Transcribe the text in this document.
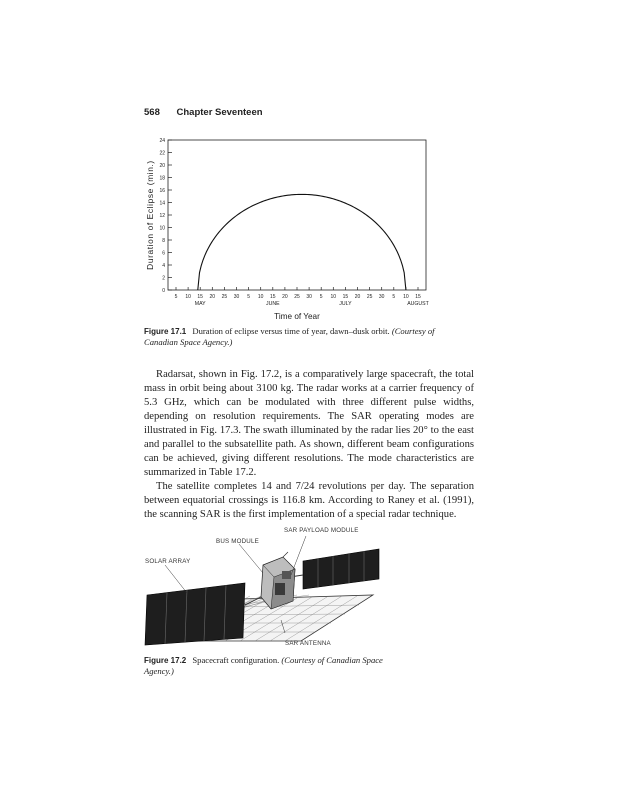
568 Chapter Seventeen
0
2
4
6
8
10
12
14
16
18
20
22
24
5 10 15 20 25 30 5 10 15 20 25 30 5 10 15 20 25 30 5 10 15
MAY	JUNE	JULY	AUGUST
Duration of Eclipse (min.)
Time of Year
Figure 17.1 Duration of eclipse versus time of year, dawn–dusk orbit. (Courtesy of Canadian Space Agency.)

Radarsat, shown in Fig. 17.2, is a comparatively large spacecraft, the total mass in orbit being about 3100 kg. The radar works at a carrier frequency of 5.3 GHz, which can be modulated with three different pulse widths, depending on resolution requirements. The SAR operating modes are illustrated in Fig. 17.3. The swath illuminated by the radar lies 20° to the east and parallel to the subsatellite path. As shown, different beam configurations can be achieved, giving different resolutions. The mode characteristics are summarized in Table 17.2.

The satellite completes 14 and 7/24 revolutions per day. The separation between equatorial crossings is 116.8 km. According to Raney et al. (1991), the scanning SAR is the first implementation of a special radar technique.

SAR PAYLOAD MODULE
BUS MODULE
SOLAR ARRAY
SAR ANTENNA
Figure 17.2 Spacecraft configuration. (Courtesy of Canadian Space Agency.)
